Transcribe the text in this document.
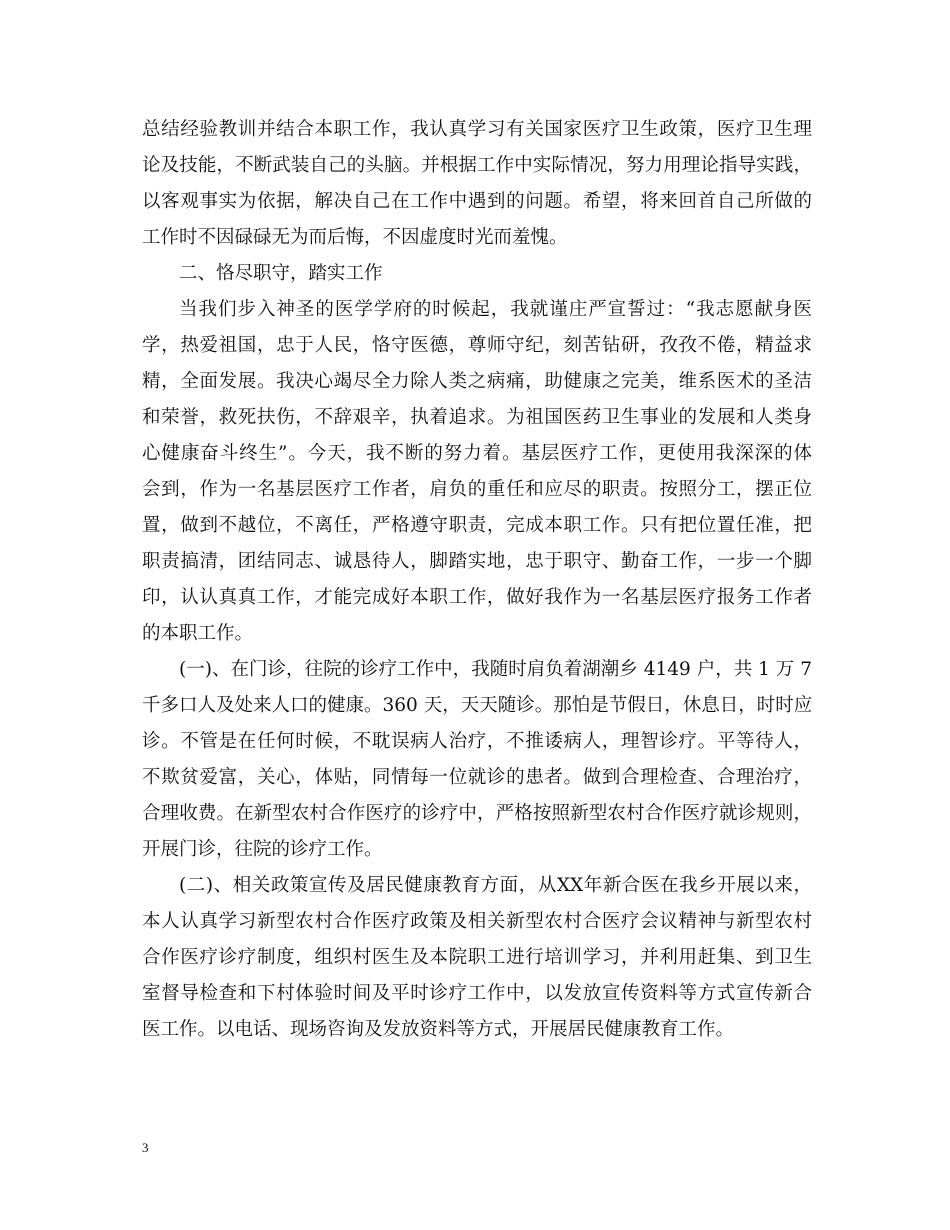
总结经验教训并结合本职工作，我认真学习有关国家医疗卫生政策，医疗卫生理
论及技能，不断武装自己的头脑。并根据工作中实际情况，努力用理论指导实践，
以客观事实为依据，解决自己在工作中遇到的问题。希望，将来回首自己所做的
工作时不因碌碌无为而后悔，不因虚度时光而羞愧。
二、恪尽职守，踏实工作
当我们步入神圣的医学学府的时候起，我就谨庄严宣誓过：“我志愿献身医
学，热爱祖国，忠于人民，恪守医德，尊师守纪，刻苦钻研，孜孜不倦，精益求
精，全面发展。我决心竭尽全力除人类之病痛，助健康之完美，维系医术的圣洁
和荣誉，救死扶伤，不辞艰辛，执着追求。为祖国医药卫生事业的发展和人类身
心健康奋斗终生”。今天，我不断的努力着。基层医疗工作，更使用我深深的体
会到，作为一名基层医疗工作者，肩负的重任和应尽的职责。按照分工，摆正位
置，做到不越位，不离任，严格遵守职责，完成本职工作。只有把位置任准，把
职责搞清，团结同志、诚恳待人，脚踏实地，忠于职守、勤奋工作，一步一个脚
印，认认真真工作，才能完成好本职工作，做好我作为一名基层医疗报务工作者
的本职工作。
(一)、在门诊，往院的诊疗工作中，我随时肩负着湖潮乡 4149 户，共 1 万 7
千多口人及处来人口的健康。360 天，天天随诊。那怕是节假日，休息日，时时应
诊。不管是在任何时候，不耽误病人治疗，不推诿病人，理智诊疗。平等待人，
不欺贫爱富，关心，体贴，同情每一位就诊的患者。做到合理检查、合理治疗，
合理收费。在新型农村合作医疗的诊疗中，严格按照新型农村合作医疗就诊规则，
开展门诊，往院的诊疗工作。
(二)、相关政策宣传及居民健康教育方面，从XX年新合医在我乡开展以来，
本人认真学习新型农村合作医疗政策及相关新型农村合医疗会议精神与新型农村
合作医疗诊疗制度，组织村医生及本院职工进行培训学习，并利用赶集、到卫生
室督导检查和下村体验时间及平时诊疗工作中，以发放宣传资料等方式宣传新合
医工作。以电话、现场咨询及发放资料等方式，开展居民健康教育工作。
3
